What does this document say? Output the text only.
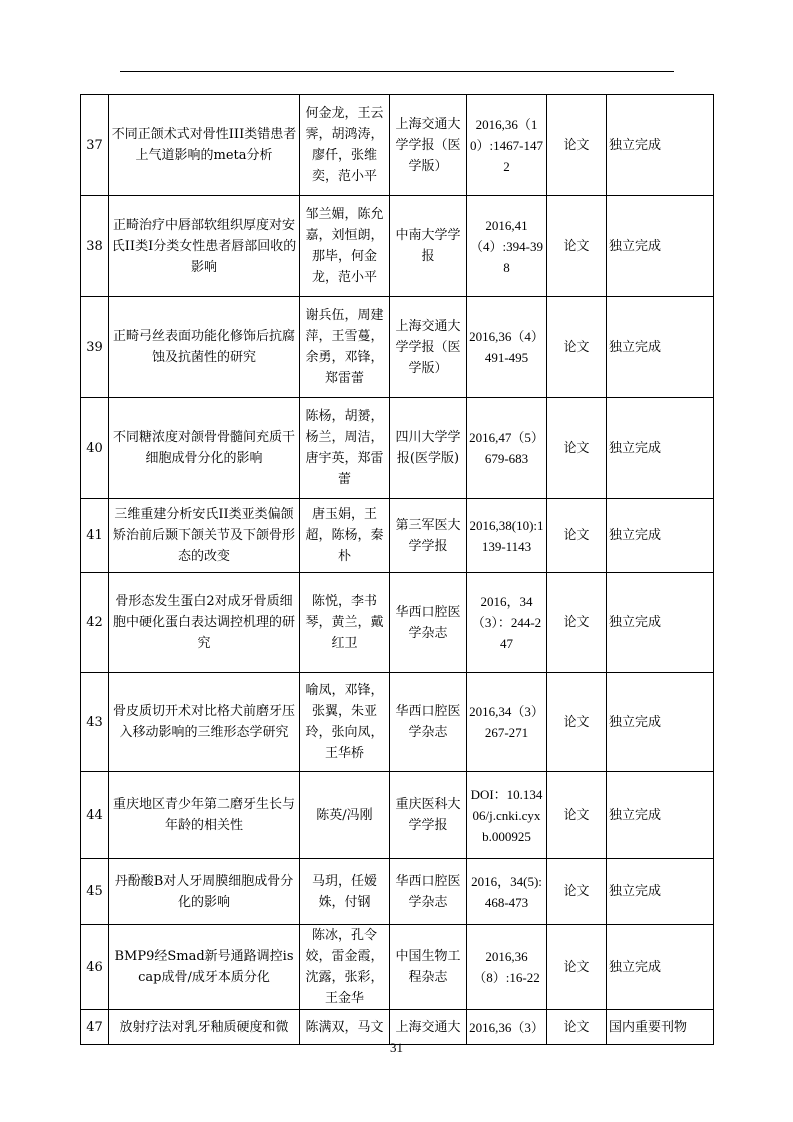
37	不同正颌术式对骨性III类错患者上气道影响的meta分析	何金龙，王云霁，胡鸿涛，廖仟，张维奕，范小平	上海交通大学学报（医学版）	2016,36（10）:1467-1472	论文	独立完成
38	正畸治疗中唇部软组织厚度对安氏II类I分类女性患者唇部回收的影响	邹兰媚，陈允嘉，刘恒朗，那毕，何金龙，范小平	中南大学学报	2016,41（4）:394-398	论文	独立完成
39	正畸弓丝表面功能化修饰后抗腐蚀及抗菌性的研究	谢兵伍，周建萍，王雪蔓，余勇，邓锋，郑雷蕾	上海交通大学学报（医学版）	2016,36（4）491-495	论文	独立完成
40	不同糖浓度对颌骨骨髓间充质干细胞成骨分化的影响	陈杨，胡赟，杨兰，周洁，唐宇英，郑雷蕾	四川大学学报(医学版)	2016,47（5）679-683	论文	独立完成
41	三维重建分析安氏II类亚类偏颌矫治前后颞下颌关节及下颌骨形态的改变	唐玉娟，王超，陈杨，秦朴	第三军医大学学报	2016,38(10):1139-1143	论文	独立完成
42	骨形态发生蛋白2对成牙骨质细胞中硬化蛋白表达调控机理的研究	陈悦，李书琴，黄兰，戴红卫	华西口腔医学杂志	2016，34（3）：244-247	论文	独立完成
43	骨皮质切开术对比格犬前磨牙压入移动影响的三维形态学研究	喻凤，邓锋，张翼，朱亚玲，张向凤，王华桥	华西口腔医学杂志	2016,34（3）267-271	论文	独立完成
44	重庆地区青少年第二磨牙生长与年龄的相关性	陈英/冯刚	重庆医科大学学报	DOI：10.13406/j.cnki.cyxb.000925	论文	独立完成
45	丹酚酸B对人牙周膜细胞成骨分化的影响	马玥，任嫒姝，付钢	华西口腔医学杂志	2016，34(5):468-473	论文	独立完成
46	BMP9经Smad新号通路调控iscap成骨/成牙本质分化	陈冰，孔令姣，雷金霞，沈露，张彩，王金华	中国生物工程杂志	2016,36（8）:16-22	论文	独立完成
47	放射疗法对乳牙釉质硬度和微	陈满双，马文	上海交通大	2016,36（3）	论文	国内重要刊物
31
